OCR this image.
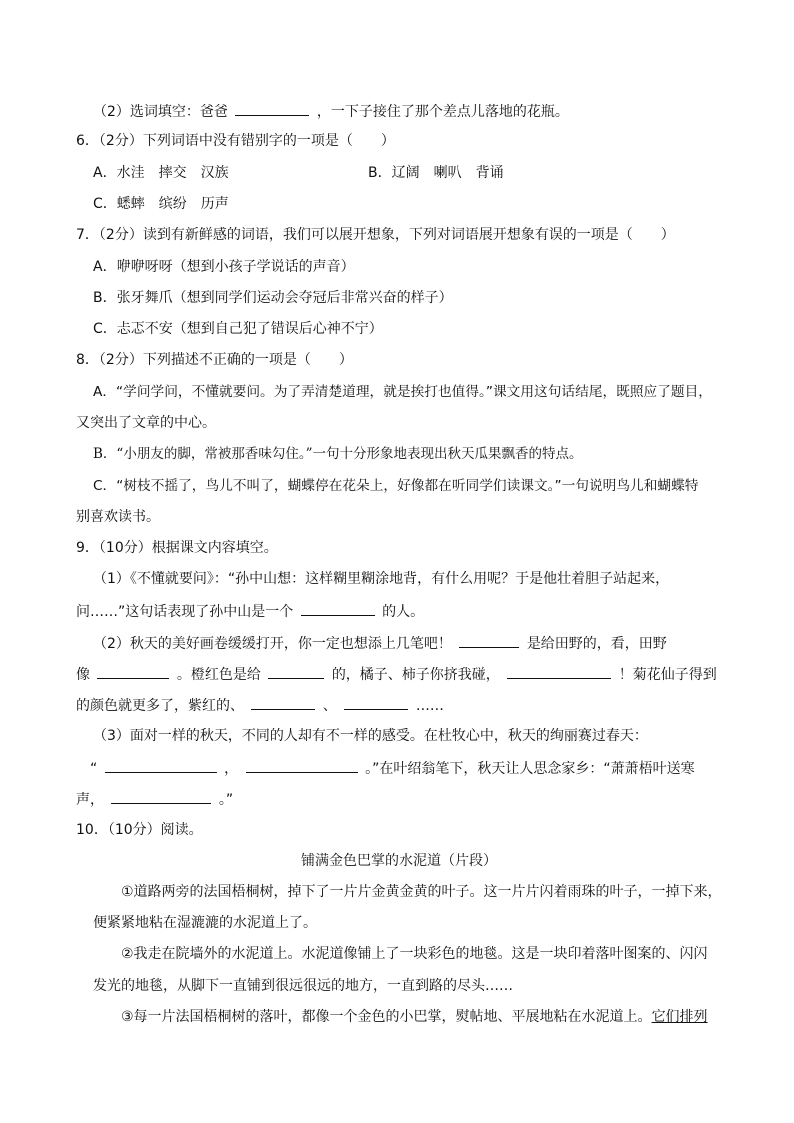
（2）选词填空：爸爸	，一下子接住了那个差点儿落地的花瓶。
6．（2分）下列词语中没有错别字的一项是（　　）
A．水洼　摔交　汉族	B．辽阔　喇叭　背诵
C．蟋蟀　缤纷　历声
7．（2分）读到有新鲜感的词语，我们可以展开想象，下列对词语展开想象有误的一项是（　　）
A．咿咿呀呀（想到小孩子学说话的声音）
B．张牙舞爪（想到同学们运动会夺冠后非常兴奋的样子）
C．忐忑不安（想到自己犯了错误后心神不宁）
8．（2分）下列描述不正确的一项是（　　）
A．“学问学问，不懂就要问。为了弄清楚道理，就是挨打也值得。”课文用这句话结尾，既照应了题目，
又突出了文章的中心。
B．“小朋友的脚，常被那香味勾住。”一句十分形象地表现出秋天瓜果飘香的特点。
C．“树枝不摇了，鸟儿不叫了，蝴蝶停在花朵上，好像都在听同学们读课文。”一句说明鸟儿和蝴蝶特
别喜欢读书。
9．（10分）根据课文内容填空。
（1）《不懂就要问》：“孙中山想：这样糊里糊涂地背，有什么用呢？于是他壮着胆子站起来，
问……”这句话表现了孙中山是一个	的人。
（2）秋天的美好画卷缓缓打开，你一定也想添上几笔吧！	是给田野的，看，田野
像	。橙红色是给	的，橘子、柿子你挤我碰，	！菊花仙子得到
的颜色就更多了，紫红的、	、	……
（3）面对一样的秋天，不同的人却有不一样的感受。在杜牧心中，秋天的绚丽赛过春天：
“	，	。”在叶绍翁笔下，秋天让人思念家乡：“萧萧梧叶送寒
声，	。”
10．（10分）阅读。
铺满金色巴掌的水泥道（片段）
①道路两旁的法国梧桐树，掉下了一片片金黄金黄的叶子。这一片片闪着雨珠的叶子，一掉下来，
便紧紧地粘在湿漉漉的水泥道上了。
②我走在院墙外的水泥道上。水泥道像铺上了一块彩色的地毯。这是一块印着落叶图案的、闪闪
发光的地毯，从脚下一直铺到很远很远的地方，一直到路的尽头……
③每一片法国梧桐树的落叶，都像一个金色的小巴掌，熨帖地、平展地粘在水泥道上。它们排列
